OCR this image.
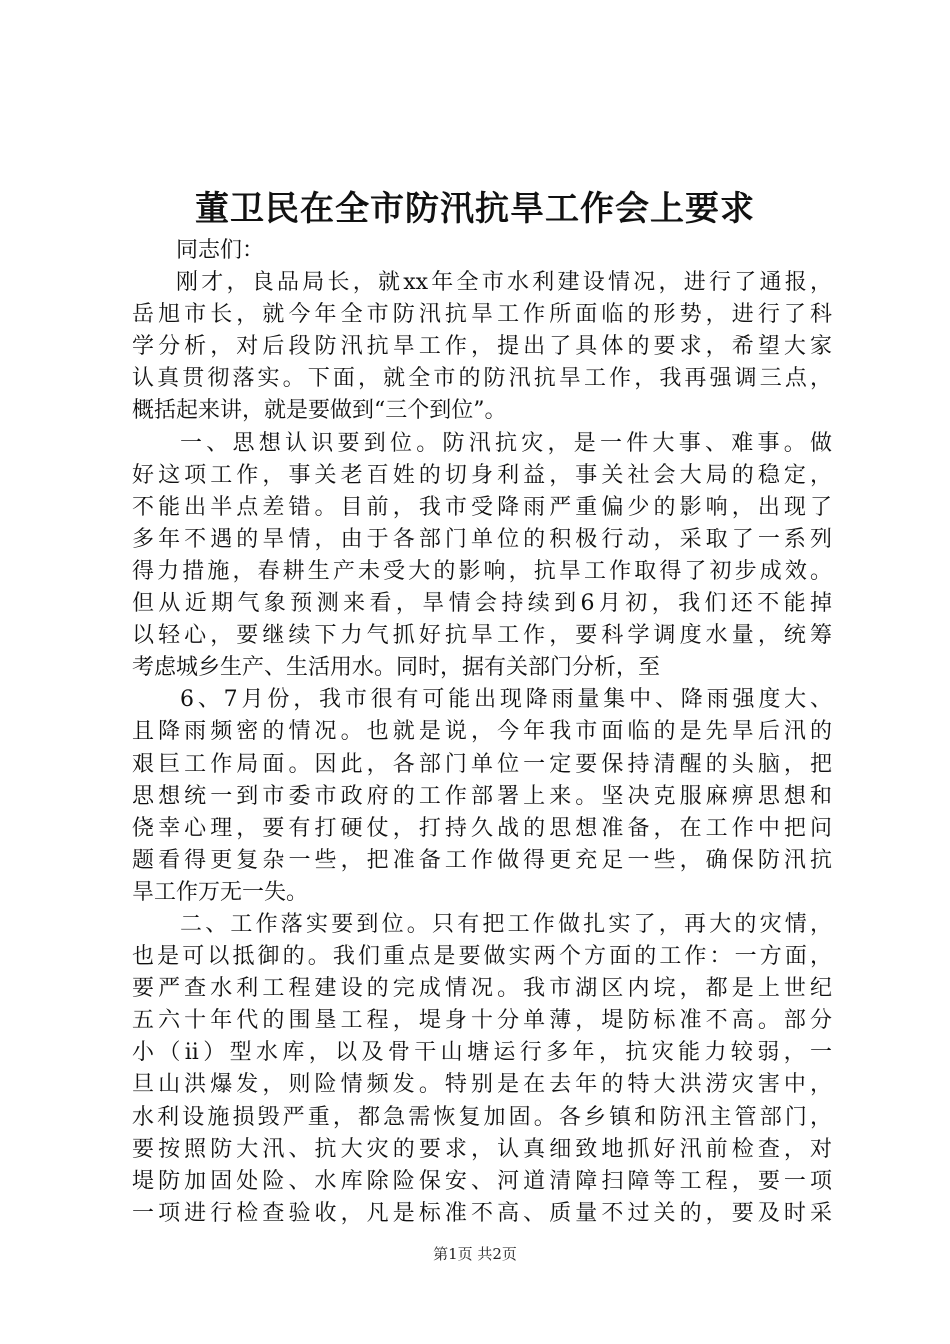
董卫民在全市防汛抗旱工作会上要求
同志们：
刚才，良品局长，就xx年全市水利建设情况，进行了通报，
岳旭市长，就今年全市防汛抗旱工作所面临的形势，进行了科
学分析，对后段防汛抗旱工作，提出了具体的要求，希望大家
认真贯彻落实。下面，就全市的防汛抗旱工作，我再强调三点，
概括起来讲，就是要做到“三个到位”。
一、思想认识要到位。防汛抗灾，是一件大事、难事。做
好这项工作，事关老百姓的切身利益，事关社会大局的稳定，
不能出半点差错。目前，我市受降雨严重偏少的影响，出现了
多年不遇的旱情，由于各部门单位的积极行动，采取了一系列
得力措施，春耕生产未受大的影响，抗旱工作取得了初步成效。
但从近期气象预测来看，旱情会持续到6月初，我们还不能掉
以轻心，要继续下力气抓好抗旱工作，要科学调度水量，统筹
考虑城乡生产、生活用水。同时，据有关部门分析，至
6、7月份，我市很有可能出现降雨量集中、降雨强度大、
且降雨频密的情况。也就是说，今年我市面临的是先旱后汛的
艰巨工作局面。因此，各部门单位一定要保持清醒的头脑，把
思想统一到市委市政府的工作部署上来。坚决克服麻痹思想和
侥幸心理，要有打硬仗，打持久战的思想准备，在工作中把问
题看得更复杂一些，把准备工作做得更充足一些，确保防汛抗
旱工作万无一失。
二、工作落实要到位。只有把工作做扎实了，再大的灾情，
也是可以抵御的。我们重点是要做实两个方面的工作：一方面，
要严查水利工程建设的完成情况。我市湖区内垸，都是上世纪
五六十年代的围垦工程，堤身十分单薄，堤防标准不高。部分
小（ii）型水库，以及骨干山塘运行多年，抗灾能力较弱，一
旦山洪爆发，则险情频发。特别是在去年的特大洪涝灾害中，
水利设施损毁严重，都急需恢复加固。各乡镇和防汛主管部门，
要按照防大汛、抗大灾的要求，认真细致地抓好汛前检查，对
堤防加固处险、水库除险保安、河道清障扫障等工程，要一项
一项进行检查验收，凡是标准不高、质量不过关的，要及时采
第1页 共2页
